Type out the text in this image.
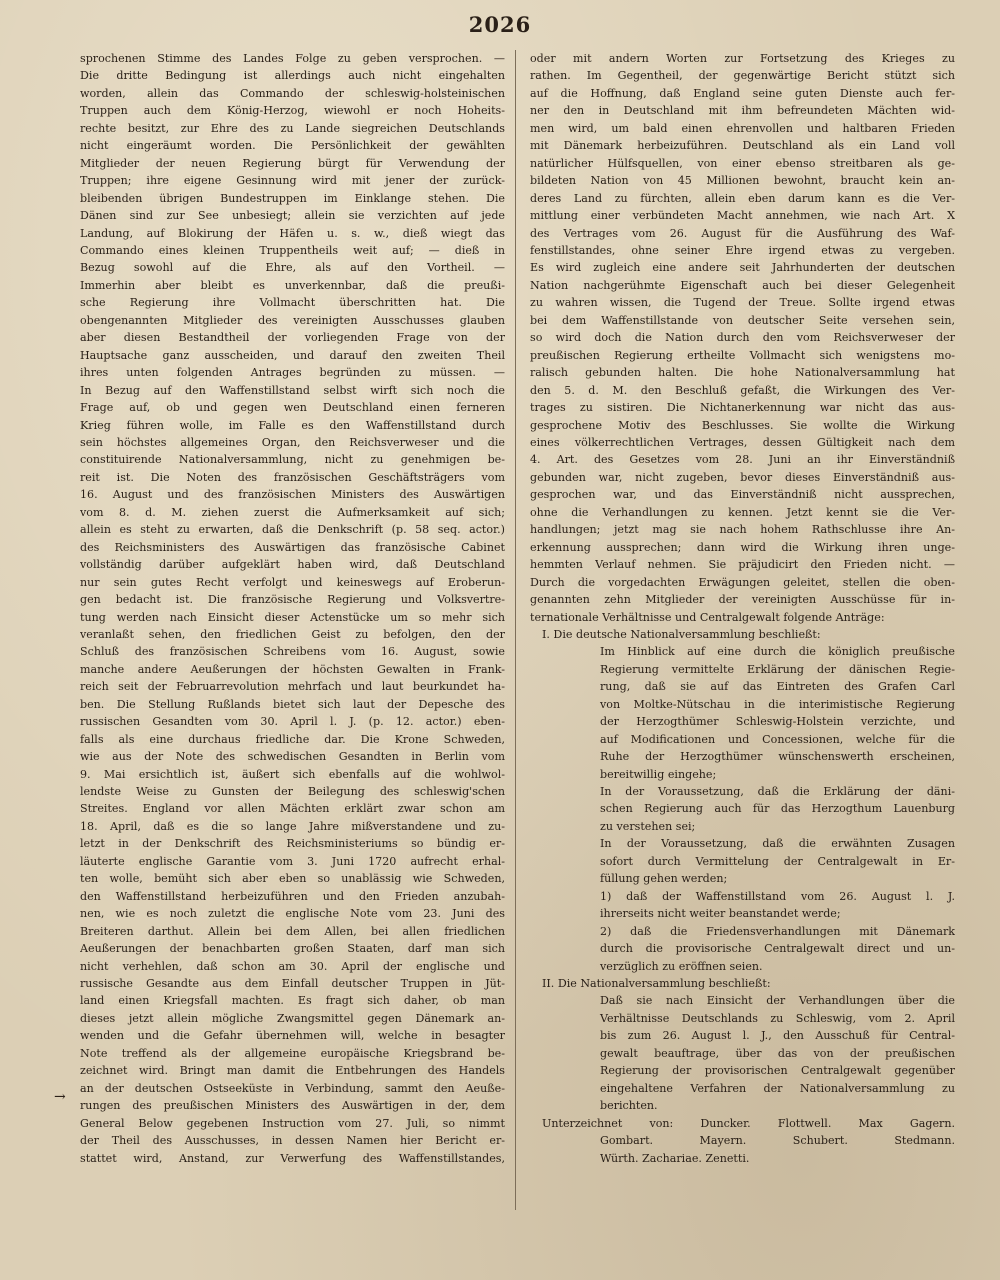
2026
→
sprochenen Stimme des Landes Folge zu geben versprochen. —
Die dritte Bedingung ist allerdings auch nicht eingehalten
worden, allein das Commando der schleswig-holsteinischen
Truppen auch dem König-Herzog, wiewohl er noch Hoheits-
rechte besitzt, zur Ehre des zu Lande siegreichen Deutschlands
nicht eingeräumt worden. Die Persönlichkeit der gewählten
Mitglieder der neuen Regierung bürgt für Verwendung der
Truppen; ihre eigene Gesinnung wird mit jener der zurück-
bleibenden übrigen Bundestruppen im Einklange stehen. Die
Dänen sind zur See unbesiegt; allein sie verzichten auf jede
Landung, auf Blokirung der Häfen u. s. w., dieß wiegt das
Commando eines kleinen Truppentheils weit auf; — dieß in
Bezug sowohl auf die Ehre, als auf den Vortheil. —
Immerhin aber bleibt es unverkennbar, daß die preußi-
sche Regierung ihre Vollmacht überschritten hat. Die
obengenannten Mitglieder des vereinigten Ausschusses glauben
aber diesen Bestandtheil der vorliegenden Frage von der
Hauptsache ganz ausscheiden, und darauf den zweiten Theil
ihres unten folgenden Antrages begründen zu müssen. —
In Bezug auf den Waffenstillstand selbst wirft sich noch die
Frage auf, ob und gegen wen Deutschland einen ferneren
Krieg führen wolle, im Falle es den Waffenstillstand durch
sein höchstes allgemeines Organ, den Reichsverweser und die
constituirende Nationalversammlung, nicht zu genehmigen be-
reit ist. Die Noten des französischen Geschäftsträgers vom
16. August und des französischen Ministers des Auswärtigen
vom 8. d. M. ziehen zuerst die Aufmerksamkeit auf sich;
allein es steht zu erwarten, daß die Denkschrift (p. 58 seq. actor.)
des Reichsministers des Auswärtigen das französische Cabinet
vollständig darüber aufgeklärt haben wird, daß Deutschland
nur sein gutes Recht verfolgt und keineswegs auf Eroberun-
gen bedacht ist. Die französische Regierung und Volksvertre-
tung werden nach Einsicht dieser Actenstücke um so mehr sich
veranlaßt sehen, den friedlichen Geist zu befolgen, den der
Schluß des französischen Schreibens vom 16. August, sowie
manche andere Aeußerungen der höchsten Gewalten in Frank-
reich seit der Februarrevolution mehrfach und laut beurkundet ha-
ben. Die Stellung Rußlands bietet sich laut der Depesche des
russischen Gesandten vom 30. April l. J. (p. 12. actor.) eben-
falls als eine durchaus friedliche dar. Die Krone Schweden,
wie aus der Note des schwedischen Gesandten in Berlin vom
9. Mai ersichtlich ist, äußert sich ebenfalls auf die wohlwol-
lendste Weise zu Gunsten der Beilegung des schleswig'schen
Streites. England vor allen Mächten erklärt zwar schon am
18. April, daß es die so lange Jahre mißverstandene und zu-
letzt in der Denkschrift des Reichsministeriums so bündig er-
läuterte englische Garantie vom 3. Juni 1720 aufrecht erhal-
ten wolle, bemüht sich aber eben so unablässig wie Schweden,
den Waffenstillstand herbeizuführen und den Frieden anzubah-
nen, wie es noch zuletzt die englische Note vom 23. Juni des
Breiteren darthut. Allein bei dem Allen, bei allen friedlichen
Aeußerungen der benachbarten großen Staaten, darf man sich
nicht verhehlen, daß schon am 30. April der englische und
russische Gesandte aus dem Einfall deutscher Truppen in Jüt-
land einen Kriegsfall machten. Es fragt sich daher, ob man
dieses jetzt allein mögliche Zwangsmittel gegen Dänemark an-
wenden und die Gefahr übernehmen will, welche in besagter
Note treffend als der allgemeine europäische Kriegsbrand be-
zeichnet wird. Bringt man damit die Entbehrungen des Handels
an der deutschen Ostseeküste in Verbindung, sammt den Aeuße-
rungen des preußischen Ministers des Auswärtigen in der, dem
General Below gegebenen Instruction vom 27. Juli, so nimmt
der Theil des Ausschusses, in dessen Namen hier Bericht er-
stattet wird, Anstand, zur Verwerfung des Waffenstillstandes,
oder mit andern Worten zur Fortsetzung des Krieges zu
rathen. Im Gegentheil, der gegenwärtige Bericht stützt sich
auf die Hoffnung, daß England seine guten Dienste auch fer-
ner den in Deutschland mit ihm befreundeten Mächten wid-
men wird, um bald einen ehrenvollen und haltbaren Frieden
mit Dänemark herbeizuführen. Deutschland als ein Land voll
natürlicher Hülfsquellen, von einer ebenso streitbaren als ge-
bildeten Nation von 45 Millionen bewohnt, braucht kein an-
deres Land zu fürchten, allein eben darum kann es die Ver-
mittlung einer verbündeten Macht annehmen, wie nach Art. X
des Vertrages vom 26. August für die Ausführung des Waf-
fenstillstandes, ohne seiner Ehre irgend etwas zu vergeben.
Es wird zugleich eine andere seit Jahrhunderten der deutschen
Nation nachgerühmte Eigenschaft auch bei dieser Gelegenheit
zu wahren wissen, die Tugend der Treue. Sollte irgend etwas
bei dem Waffenstillstande von deutscher Seite versehen sein,
so wird doch die Nation durch den vom Reichsverweser der
preußischen Regierung ertheilte Vollmacht sich wenigstens mo-
ralisch gebunden halten. Die hohe Nationalversammlung hat
den 5. d. M. den Beschluß gefaßt, die Wirkungen des Ver-
trages zu sistiren. Die Nichtanerkennung war nicht das aus-
gesprochene Motiv des Beschlusses. Sie wollte die Wirkung
eines völkerrechtlichen Vertrages, dessen Gültigkeit nach dem
4. Art. des Gesetzes vom 28. Juni an ihr Einverständniß
gebunden war, nicht zugeben, bevor dieses Einverständniß aus-
gesprochen war, und das Einverständniß nicht aussprechen,
ohne die Verhandlungen zu kennen. Jetzt kennt sie die Ver-
handlungen; jetzt mag sie nach hohem Rathschlusse ihre An-
erkennung aussprechen; dann wird die Wirkung ihren unge-
hemmten Verlauf nehmen. Sie präjudicirt den Frieden nicht. —
Durch die vorgedachten Erwägungen geleitet, stellen die oben-
genannten zehn Mitglieder der vereinigten Ausschüsse für in-
ternationale Verhältnisse und Centralgewalt folgende Anträge:
I. Die deutsche Nationalversammlung beschließt:
Im Hinblick auf eine durch die königlich preußische
Regierung vermittelte Erklärung der dänischen Regie-
rung, daß sie auf das Eintreten des Grafen Carl
von Moltke-Nütschau in die interimistische Regierung
der Herzogthümer Schleswig-Holstein verzichte, und
auf Modificationen und Concessionen, welche für die
Ruhe der Herzogthümer wünschenswerth erscheinen,
bereitwillig eingehe;
In der Voraussetzung, daß die Erklärung der däni-
schen Regierung auch für das Herzogthum Lauenburg
zu verstehen sei;
In der Voraussetzung, daß die erwähnten Zusagen
sofort durch Vermittelung der Centralgewalt in Er-
füllung gehen werden;
1) daß der Waffenstillstand vom 26. August l. J.
ihrerseits nicht weiter beanstandet werde;
2) daß die Friedensverhandlungen mit Dänemark
durch die provisorische Centralgewalt direct und un-
verzüglich zu eröffnen seien.
II. Die Nationalversammlung beschließt:
Daß sie nach Einsicht der Verhandlungen über die
Verhältnisse Deutschlands zu Schleswig, vom 2. April
bis zum 26. August l. J., den Ausschuß für Central-
gewalt beauftrage, über das von der preußischen
Regierung der provisorischen Centralgewalt gegenüber
eingehaltene Verfahren der Nationalversammlung zu
berichten.
Unterzeichnet von: Duncker. Flottwell. Max Gagern.
Gombart. Mayern. Schubert. Stedmann.
Würth. Zachariae. Zenetti.
